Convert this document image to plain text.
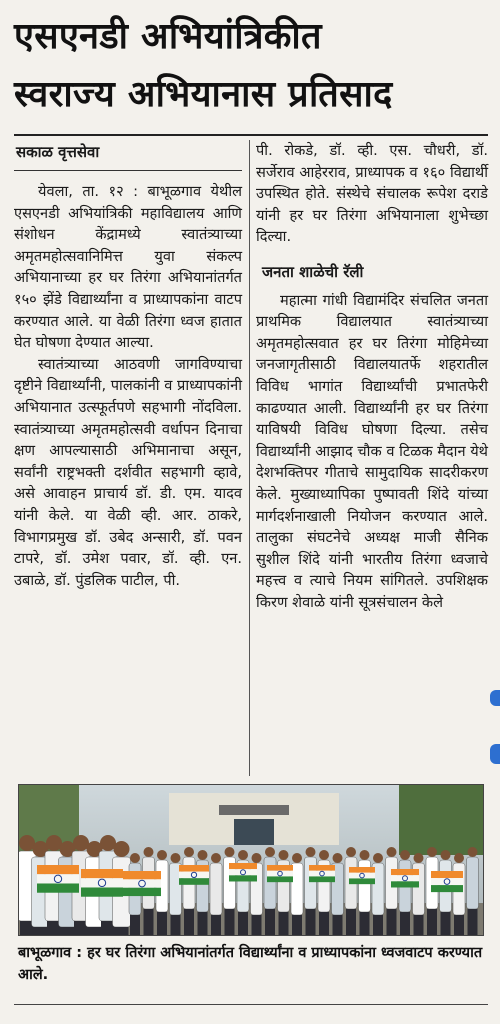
एसएनडी अभियांत्रिकीत
स्वराज्य अभियानास प्रतिसाद
सकाळ वृत्तसेवा

येवला, ता. १२ : बाभूळगाव येथील एसएनडी अभियांत्रिकी महाविद्यालय आणि संशोधन केंद्रामध्ये स्वातंत्र्याच्या अमृतमहोत्सवानिमित्त युवा संकल्प अभियानाच्या हर घर तिरंगा अभियानांतर्गत १५० झेंडे विद्यार्थ्यांना व प्राध्यापकांना वाटप करण्यात आले. या वेळी तिरंगा ध्वज हातात घेत घोषणा देण्यात आल्या.

स्वातंत्र्याच्या आठवणी जागविण्याचा दृष्टीने विद्यार्थ्यांनी, पालकांनी व प्राध्यापकांनी अभियानात उत्स्फूर्तपणे सहभागी नोंदविला. स्वातंत्र्याच्या अमृतमहोत्सवी वर्धापन दिनाचा क्षण आपल्यासाठी अभिमानाचा असून, सर्वांनी राष्ट्रभक्ती दर्शवीत सहभागी व्हावे, असे आवाहन प्राचार्य डॉ. डी. एम. यादव यांनी केले. या वेळी व्ही. आर. ठाकरे, विभागप्रमुख डॉ. उबेद अन्सारी, डॉ. पवन टापरे, डॉ. उमेश पवार, डॉ. व्ही. एन. उबाळे, डॉ. पुंडलिक पाटील, पी.

पी. रोकडे, डॉ. व्ही. एस. चौधरी, डॉ. सर्जेराव आहेरराव, प्राध्यापक व १६० विद्यार्थी उपस्थित होते. संस्थेचे संचालक रूपेश दराडे यांनी हर घर तिरंगा अभियानाला शुभेच्छा दिल्या.

जनता शाळेची रॅली

महात्मा गांधी विद्यामंदिर संचलित जनता प्राथमिक विद्यालयात स्वातंत्र्याच्या अमृतमहोत्सवात हर घर तिरंगा मोहिमेच्या जनजागृतीसाठी विद्यालयातर्फे शहरातील विविध भागांत विद्यार्थ्यांची प्रभातफेरी काढण्यात आली. विद्यार्थ्यांनी हर घर तिरंगा याविषयी विविध घोषणा दिल्या. तसेच विद्यार्थ्यांनी आझाद चौक व टिळक मैदान येथे देशभक्तिपर गीताचे सामुदायिक सादरीकरण केले. मुख्याध्यापिका पुष्पावती शिंदे यांच्या मार्गदर्शनाखाली नियोजन करण्यात आले. तालुका संघटनेचे अध्यक्ष माजी सैनिक सुशील शिंदे यांनी भारतीय तिरंगा ध्वजाचे महत्त्व व त्याचे नियम सांगितले. उपशिक्षक किरण शेवाळे यांनी सूत्रसंचालन केले

बाभूळगाव : हर घर तिरंगा अभियानांतर्गत विद्यार्थ्यांना व प्राध्यापकांना ध्वजवाटप करण्यात आले.
